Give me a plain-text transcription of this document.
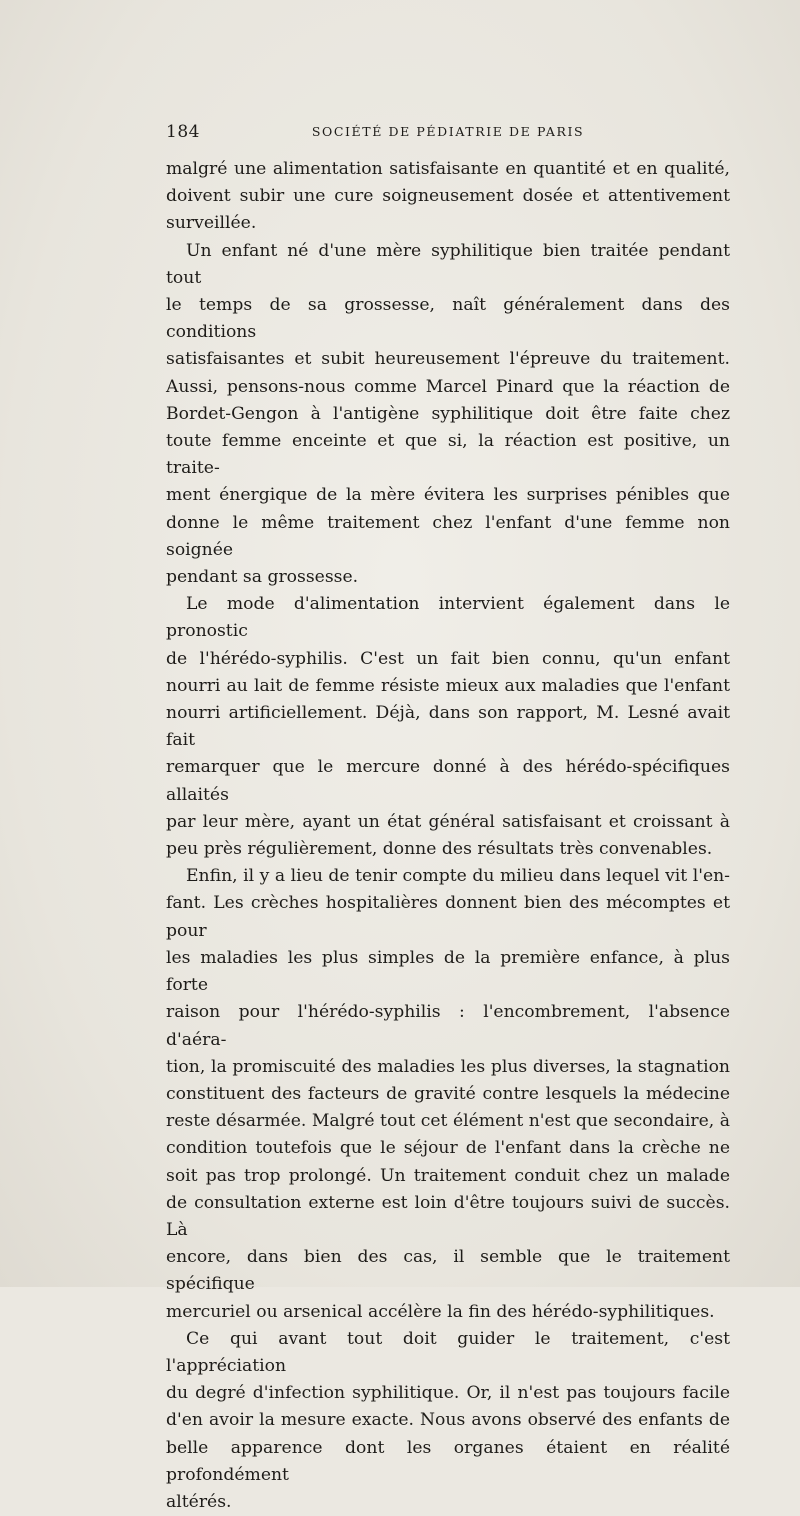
184	SOCIÉTÉ DE PÉDIATRIE DE PARIS

malgré une alimentation satisfaisante en quantité et en qualité,
doivent subir une cure soigneusement dosée et attentivement
surveillée.

Un enfant né d'une mère syphilitique bien traitée pendant tout
le temps de sa grossesse, naît généralement dans des conditions
satisfaisantes et subit heureusement l'épreuve du traitement.
Aussi, pensons-nous comme Marcel Pinard que la réaction de
Bordet-Gengon à l'antigène syphilitique doit être faite chez
toute femme enceinte et que si, la réaction est positive, un traite-
ment énergique de la mère évitera les surprises pénibles que
donne le même traitement chez l'enfant d'une femme non soignée
pendant sa grossesse.

Le mode d'alimentation intervient également dans le pronostic
de l'hérédo-syphilis. C'est un fait bien connu, qu'un enfant
nourri au lait de femme résiste mieux aux maladies que l'enfant
nourri artificiellement. Déjà, dans son rapport, M. Lesné avait fait
remarquer que le mercure donné à des hérédo-spécifiques allaités
par leur mère, ayant un état général satisfaisant et croissant à
peu près régulièrement, donne des résultats très convenables.

Enfin, il y a lieu de tenir compte du milieu dans lequel vit l'en-
fant. Les crèches hospitalières donnent bien des mécomptes et pour
les maladies les plus simples de la première enfance, à plus forte
raison pour l'hérédo-syphilis : l'encombrement, l'absence d'aéra-
tion, la promiscuité des maladies les plus diverses, la stagnation
constituent des facteurs de gravité contre lesquels la médecine
reste désarmée. Malgré tout cet élément n'est que secondaire, à
condition toutefois que le séjour de l'enfant dans la crèche ne
soit pas trop prolongé. Un traitement conduit chez un malade
de consultation externe est loin d'être toujours suivi de succès. Là
encore, dans bien des cas, il semble que le traitement spécifique
mercuriel ou arsenical accélère la fin des hérédo-syphilitiques.

Ce qui avant tout doit guider le traitement, c'est l'appréciation
du degré d'infection syphilitique. Or, il n'est pas toujours facile
d'en avoir la mesure exacte. Nous avons observé des enfants de
belle apparence dont les organes étaient en réalité profondément
altérés.
